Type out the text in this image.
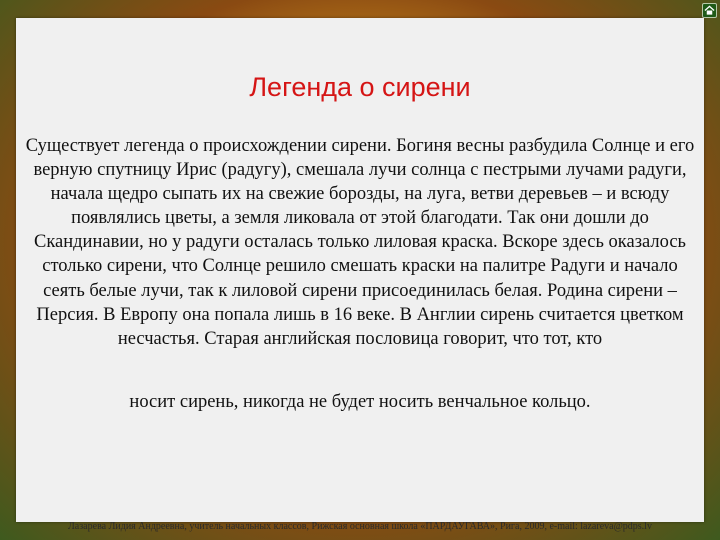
Легенда о сирени
Существует легенда о происхождении сирени. Богиня весны разбудила Солнце и его верную спутницу Ирис (радугу), смешала лучи солнца с пестрыми лучами радуги, начала щедро сыпать их на свежие борозды, на луга, ветви деревьев – и всюду появлялись цветы, а земля ликовала от этой благодати. Так они дошли до Скандинавии, но у радуги осталась только лиловая краска. Вскоре здесь оказалось столько сирени, что Солнце решило смешать краски на палитре Радуги и начало сеять белые лучи, так к лиловой сирени присоединилась белая. Родина сирени – Персия. В Европу она попала лишь в 16 веке. В Англии сирень считается цветком несчастья. Старая английская пословица говорит, что тот, кто
носит сирень, никогда не будет носить венчальное кольцо.
Лазарева Лидия Андреевна, учитель начальных классов, Рижская основная школа «ПАРДАУГАВА», Рига, 2009, e-mail: lazareva@pdps.lv
